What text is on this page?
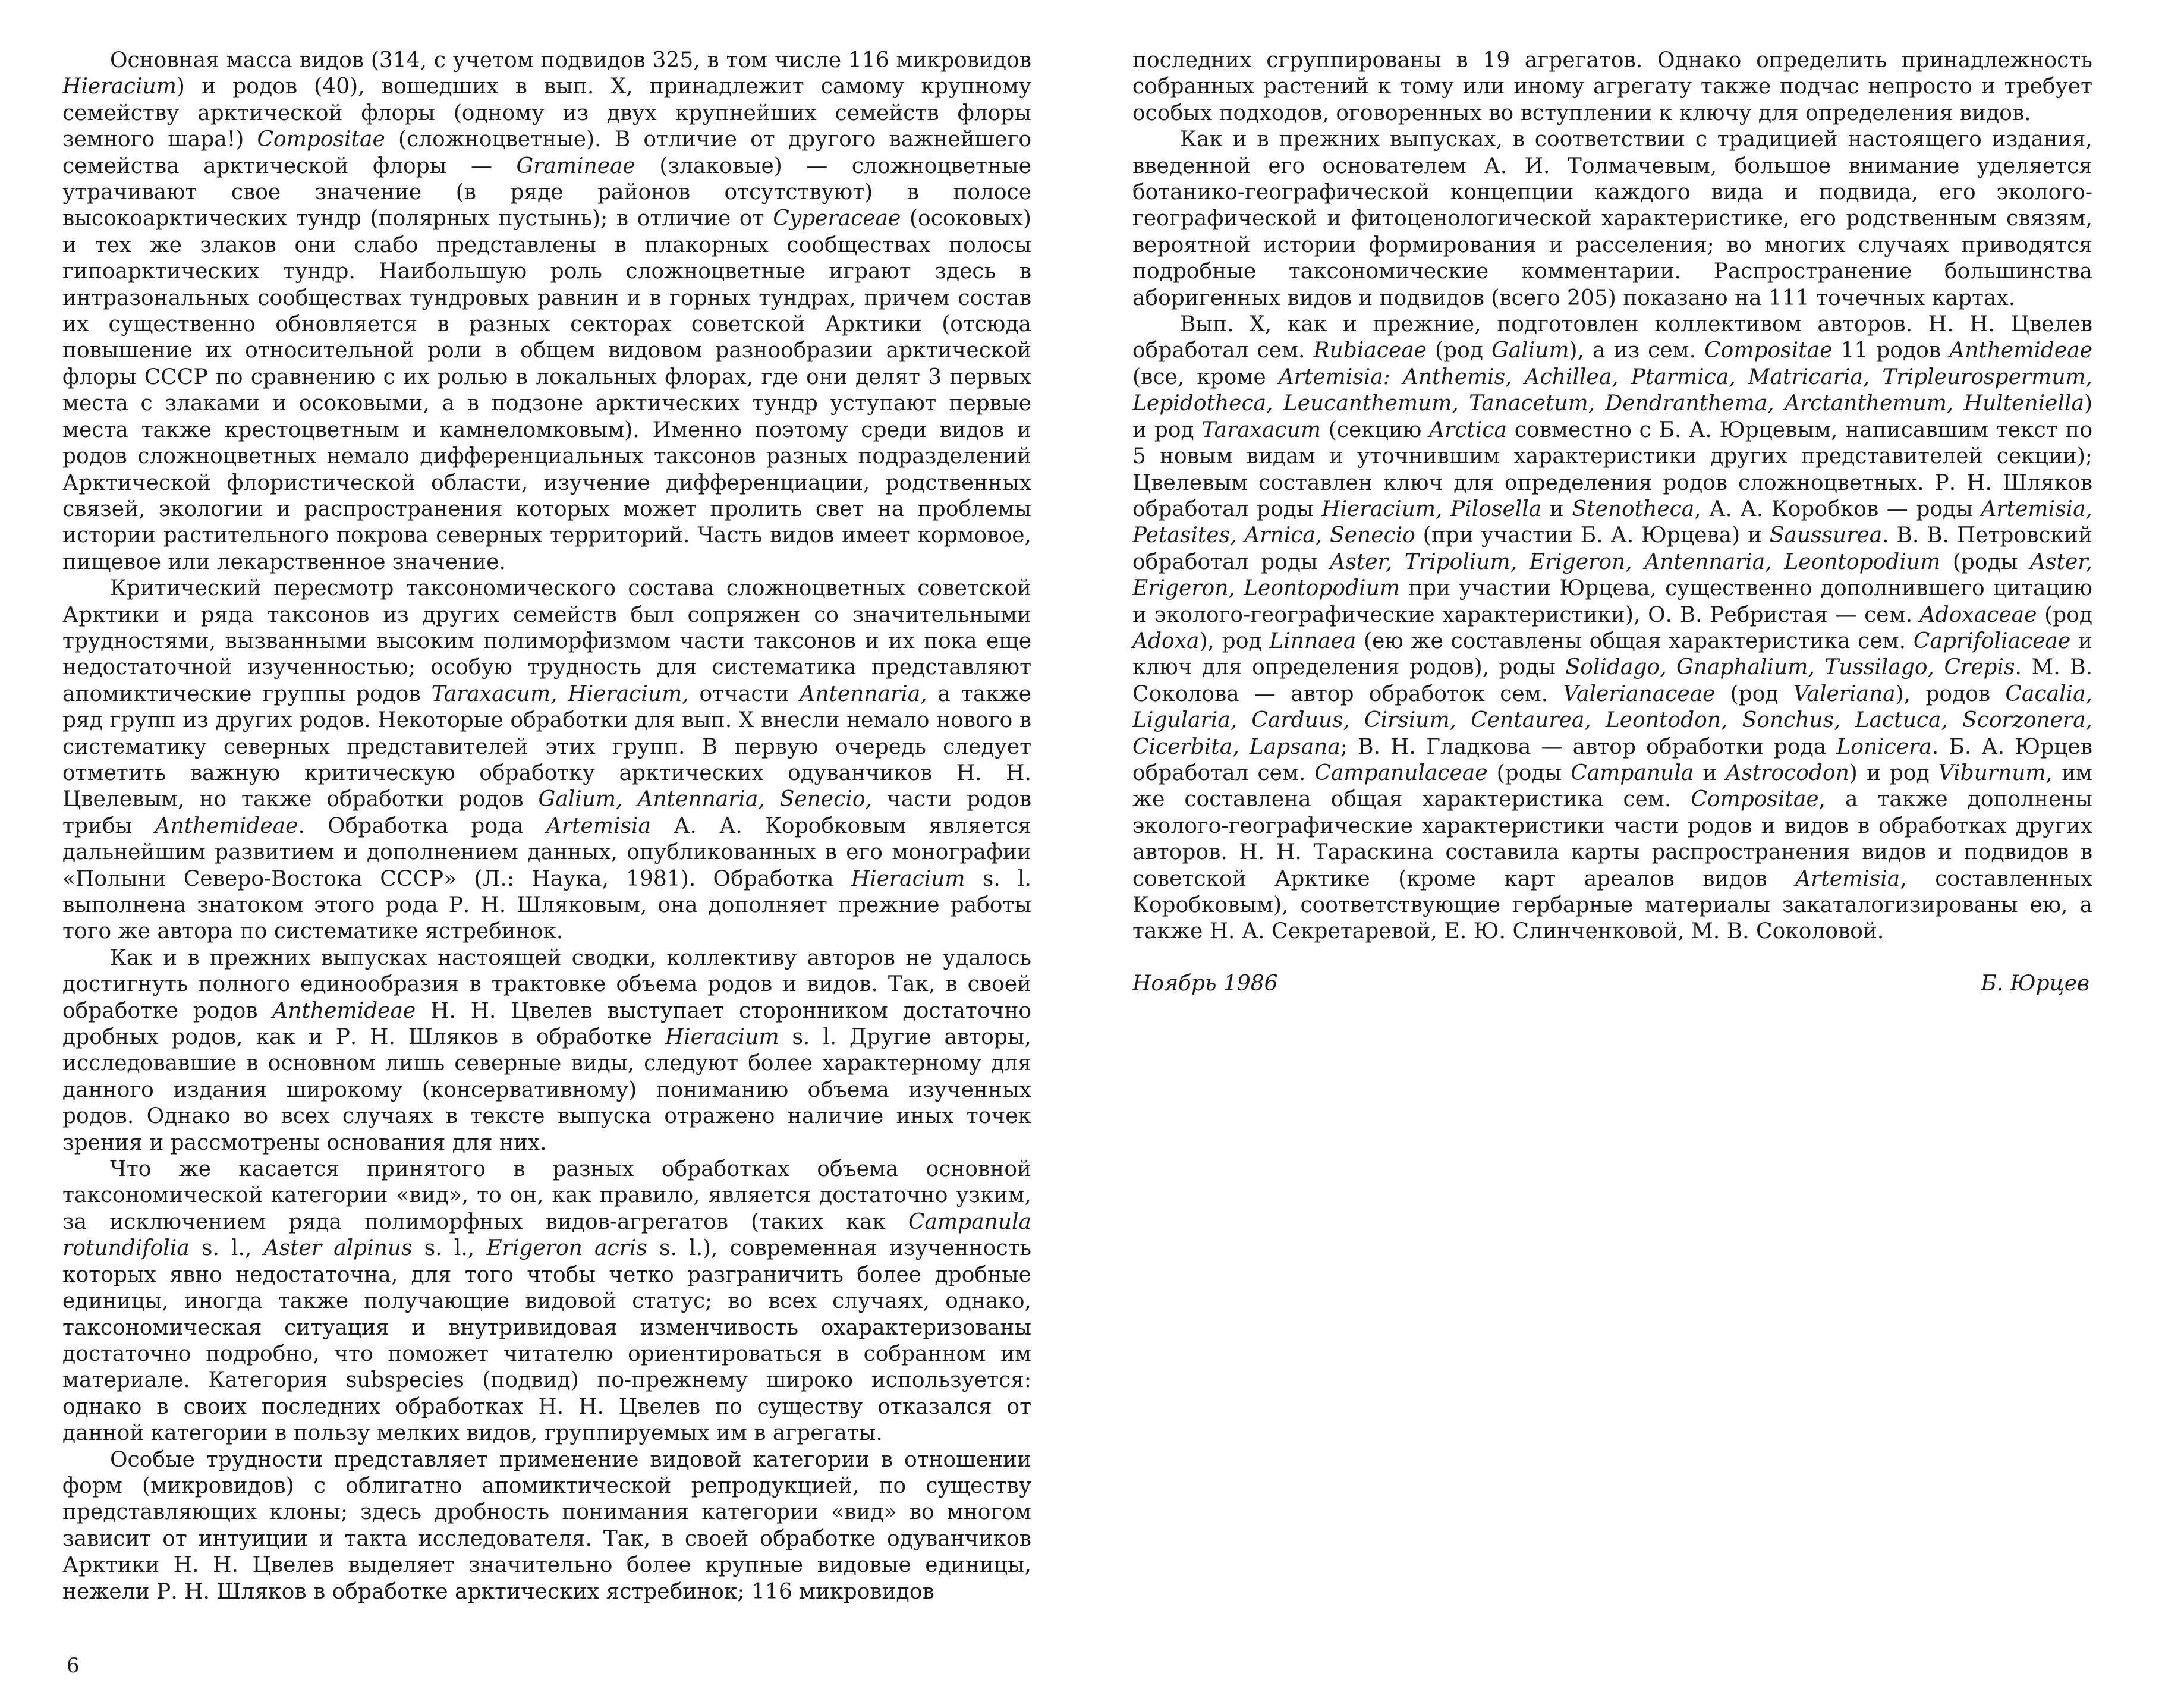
Основная масса видов (314, с учетом подвидов 325, в том числе 116 микровидов Hieracium) и родов (40), вошедших в вып. X, принадлежит самому крупному семейству арктической флоры (одному из двух крупнейших семейств флоры земного шара!) Compositae (сложноцветные). В отличие от другого важнейшего семейства арктической флоры — Gramineae (злаковые) — сложноцветные утрачивают свое значение (в ряде районов отсутствуют) в полосе высокоарктических тундр (полярных пустынь); в отличие от Cyperaceae (осоковых) и тех же злаков они слабо представлены в плакорных сообществах полосы гипоарктических тундр. Наибольшую роль сложноцветные играют здесь в интразональных сообществах тундровых равнин и в горных тундрах, причем состав их существенно обновляется в разных секторах советской Арктики (отсюда повышение их относительной роли в общем видовом разнообразии арктической флоры СССР по сравнению с их ролью в локальных флорах, где они делят 3 первых места с злаками и осоковыми, а в подзоне арктических тундр уступают первые места также крестоцветным и камнеломковым). Именно поэтому среди видов и родов сложноцветных немало дифференциальных таксонов разных подразделений Арктической флористической области, изучение дифференциации, родственных связей, экологии и распространения которых может пролить свет на проблемы истории растительного покрова северных территорий. Часть видов имеет кормовое, пищевое или лекарственное значение.

Критический пересмотр таксономического состава сложноцветных советской Арктики и ряда таксонов из других семейств был сопряжен со значительными трудностями, вызванными высоким полиморфизмом части таксонов и их пока еще недостаточной изученностью; особую трудность для систематика представляют апомиктические группы родов Taraxacum, Hieracium, отчасти Antennaria, а также ряд групп из других родов. Некоторые обработки для вып. X внесли немало нового в систематику северных представителей этих групп. В первую очередь следует отметить важную критическую обработку арктических одуванчиков Н. Н. Цвелевым, но также обработки родов Galium, Antennaria, Senecio, части родов трибы Anthemideae. Обработка рода Artemisia А. А. Коробковым является дальнейшим развитием и дополнением данных, опубликованных в его монографии «Полыни Северо-Востока СССР» (Л.: Наука, 1981). Обработка Hieracium s. l. выполнена знатоком этого рода Р. Н. Шляковым, она дополняет прежние работы того же автора по систематике ястребинок.

Как и в прежних выпусках настоящей сводки, коллективу авторов не удалось достигнуть полного единообразия в трактовке объема родов и видов. Так, в своей обработке родов Anthemideae Н. Н. Цвелев выступает сторонником достаточно дробных родов, как и Р. Н. Шляков в обработке Hieracium s. l. Другие авторы, исследовавшие в основном лишь северные виды, следуют более характерному для данного издания широкому (консервативному) пониманию объема изученных родов. Однако во всех случаях в тексте выпуска отражено наличие иных точек зрения и рассмотрены основания для них.

Что же касается принятого в разных обработках объема основной таксономической категории «вид», то он, как правило, является достаточно узким, за исключением ряда полиморфных видов-агрегатов (таких как Campanula rotundifolia s. l., Aster alpinus s. l., Erigeron acris s. l.), современная изученность которых явно недостаточна, для того чтобы четко разграничить более дробные единицы, иногда также получающие видовой статус; во всех случаях, однако, таксономическая ситуация и внутривидовая изменчивость охарактеризованы достаточно подробно, что поможет читателю ориентироваться в собранном им материале. Категория subspecies (подвид) по-прежнему широко используется: однако в своих последних обработках Н. Н. Цвелев по существу отказался от данной категории в пользу мелких видов, группируемых им в агрегаты.

Особые трудности представляет применение видовой категории в отношении форм (микровидов) с облигатно апомиктической репродукцией, по существу представляющих клоны; здесь дробность понимания категории «вид» во многом зависит от интуиции и такта исследователя. Так, в своей обработке одуванчиков Арктики Н. Н. Цвелев выделяет значительно более крупные видовые единицы, нежели Р. Н. Шляков в обработке арктических ястребинок; 116 микровидов

6

последних сгруппированы в 19 агрегатов. Однако определить принадлежность собранных растений к тому или иному агрегату также подчас непросто и требует особых подходов, оговоренных во вступлении к ключу для определения видов.

Как и в прежних выпусках, в соответствии с традицией настоящего издания, введенной его основателем А. И. Толмачевым, большое внимание уделяется ботанико-географической концепции каждого вида и подвида, его эколого-географической и фитоценологической характеристике, его родственным связям, вероятной истории формирования и расселения; во многих случаях приводятся подробные таксономические комментарии. Распространение большинства аборигенных видов и подвидов (всего 205) показано на 111 точечных картах.

Вып. X, как и прежние, подготовлен коллективом авторов. Н. Н. Цвелев обработал сем. Rubiaceae (род Galium), а из сем. Compositae 11 родов Anthemideae (все, кроме Artemisia: Anthemis, Achillea, Ptarmica, Matricaria, Tripleurospermum, Lepidotheca, Leucanthemum, Tanacetum, Dendranthema, Arctanthemum, Hulteniella) и род Taraxacum (секцию Arctica совместно с Б. А. Юрцевым, написавшим текст по 5 новым видам и уточнившим характеристики других представителей секции); Цвелевым составлен ключ для определения родов сложноцветных. Р. Н. Шляков обработал роды Hieracium, Pilosella и Stenotheca, А. А. Коробков — роды Artemisia, Petasites, Arnica, Senecio (при участии Б. А. Юрцева) и Saussurea. В. В. Петровский обработал роды Aster, Tripolium, Erigeron, Antennaria, Leontopodium (роды Aster, Erigeron, Leontopodium при участии Юрцева, существенно дополнившего цитацию и эколого-географические характеристики), О. В. Ребристая — сем. Adoxaceae (род Adoxa), род Linnaea (ею же составлены общая характеристика сем. Caprifoliaceae и ключ для определения родов), роды Solidago, Gnaphalium, Tussilago, Crepis. М. В. Соколова — автор обработок сем. Valerianaceae (род Valeriana), родов Cacalia, Ligularia, Carduus, Cirsium, Centaurea, Leontodon, Sonchus, Lactuca, Scorzonera, Cicerbita, Lapsana; В. Н. Гладкова — автор обработки рода Lonicera. Б. А. Юрцев обработал сем. Campanulaceae (роды Campanula и Astrocodon) и род Viburnum, им же составлена общая характеристика сем. Compositae, а также дополнены эколого-географические характеристики части родов и видов в обработках других авторов. Н. Н. Тараскина составила карты распространения видов и подвидов в советской Арктике (кроме карт ареалов видов Artemisia, составленных Коробковым), соответствующие гербарные материалы закаталогизированы ею, а также Н. А. Секретаревой, Е. Ю. Слинченковой, М. В. Соколовой.

Ноябрь 1986	Б. Юрцев
